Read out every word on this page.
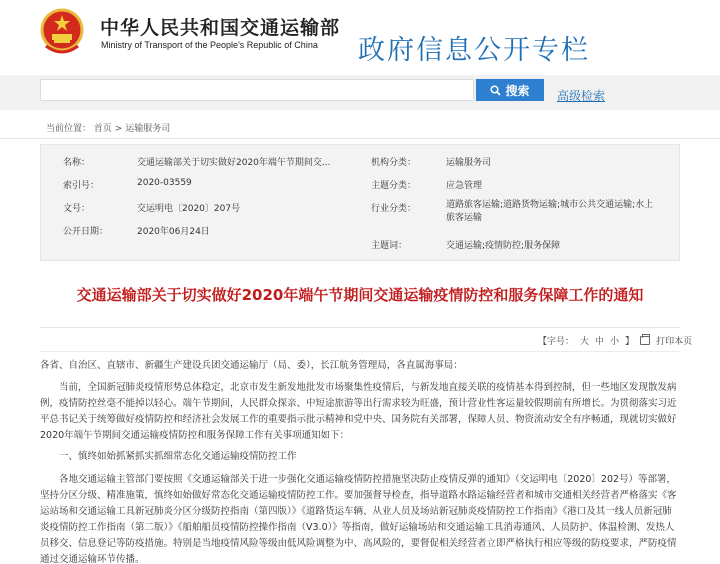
中华人民共和国交通运输部
Ministry of Transport of the People's Republic of China 政府信息公开专栏
搜索 高级检索
当前位置： 首页 > 运输服务司
名称：	交通运输部关于切实做好2020年端午节期间交...
索引号：	2020-03559
文号：	交运明电〔2020〕207号
公开日期：	2020年06月24日
机构分类：	运输服务司
主题分类：	应急管理
行业分类：	道路旅客运输;道路货物运输;城市公共交通运输;水上旅客运输
主题词：	交通运输;疫情防控;服务保障
交通运输部关于切实做好2020年端午节期间交通运输疫情防控和服务保障工作的通知
【字号： 大 中 小 】 打印本页
各省、自治区、直辖市、新疆生产建设兵团交通运输厅（局、委），长江航务管理局，各直属海事局：
当前，全国新冠肺炎疫情形势总体稳定，北京市发生新发地批发市场聚集性疫情后，与新发地直接关联的疫情基本得到控制，但一些地区发现散发病例，疫情防控丝毫不能掉以轻心。端午节期间，人民群众探亲、中短途旅游等出行需求较为旺盛，预计营业性客运量较假期前有所增长。为贯彻落实习近平总书记关于统筹做好疫情防控和经济社会发展工作的重要指示批示精神和党中央、国务院有关部署，保障人员、物资流动安全有序畅通，现就切实做好2020年端午节期间交通运输疫情防控和服务保障工作有关事项通知如下：
一、慎终如始抓紧抓实抓细常态化交通运输疫情防控工作
各地交通运输主管部门要按照《交通运输部关于进一步强化交通运输疫情防控措施坚决防止疫情反弹的通知》（交运明电〔2020〕202号）等部署，坚持分区分级、精准施策，慎终如始做好常态化交通运输疫情防控工作。要加强督导检查，指导道路水路运输经营者和城市交通相关经营者严格落实《客运站场和交通运输工具新冠肺炎分区分级防控指南（第四版）》《道路货运车辆、从业人员及场站新冠肺炎疫情防控工作指南》《港口及其一线人员新冠肺炎疫情防控工作指南（第二版）》《船舶船员疫情防控操作指南（V3.0）》等指南，做好运输场站和交通运输工具消毒通风、人员防护、体温检测、发热人员移交、信息登记等防疫措施。特别是当地疫情风险等级由低风险调整为中、高风险的，要督促相关经营者立即严格执行相应等级的防疫要求，严防疫情通过交通运输环节传播。
